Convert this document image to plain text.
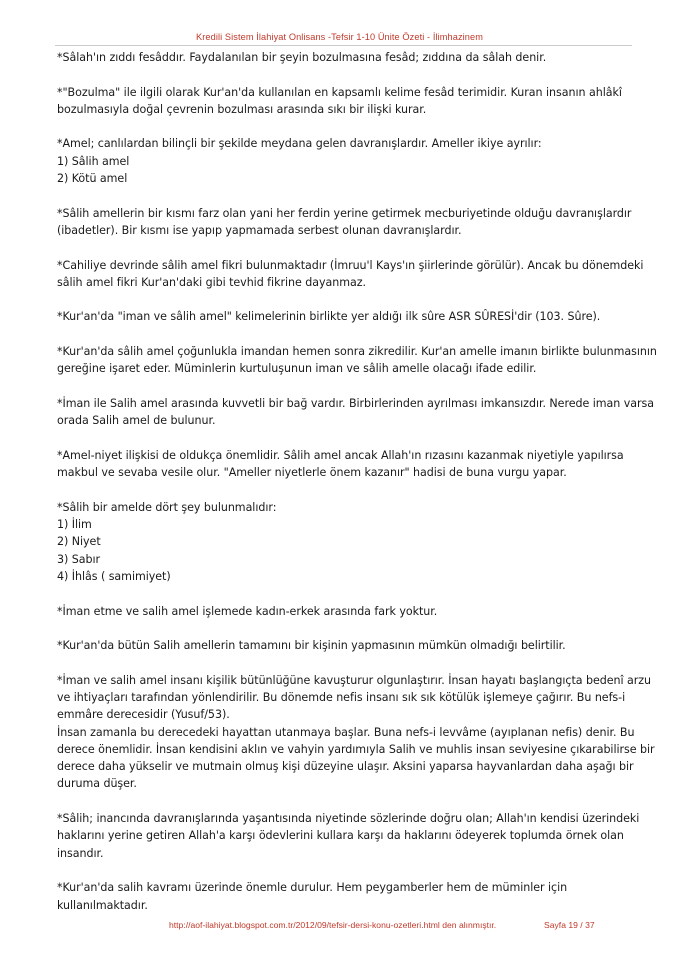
Kredili Sistem İlahiyat Onlisans -Tefsir 1-10 Ünite Özeti - İlimhazinem
*Sâlah'ın zıddı fesâddır. Faydalanılan bir şeyin bozulmasına fesâd; zıddına da sâlah denir.
*"Bozulma" ile ilgili olarak Kur'an'da kullanılan en kapsamlı kelime fesâd terimidir. Kuran insanın ahlâkî
bozulmasıyla doğal çevrenin bozulması arasında sıkı bir ilişki kurar.
*Amel; canlılardan bilinçli bir şekilde meydana gelen davranışlardır. Ameller ikiye ayrılır:
1) Sâlih amel
2) Kötü amel
*Sâlih amellerin bir kısmı farz olan yani her ferdin yerine getirmek mecburiyetinde olduğu davranışlardır
(ibadetler). Bir kısmı ise yapıp yapmamada serbest olunan davranışlardır.
*Cahiliye devrinde sâlih amel fikri bulunmaktadır (İmruu'l Kays'ın şiirlerinde görülür). Ancak bu dönemdeki
sâlih amel fikri Kur'an'daki gibi tevhid fikrine dayanmaz.
*Kur'an'da "iman ve sâlih amel" kelimelerinin birlikte yer aldığı ilk sûre ASR SÛRESİ'dir (103. Sûre).
*Kur'an'da sâlih amel çoğunlukla imandan hemen sonra zikredilir. Kur'an amelle imanın birlikte bulunmasının
gereğine işaret eder. Müminlerin kurtuluşunun iman ve sâlih amelle olacağı ifade edilir.
*İman ile Salih amel arasında kuvvetli bir bağ vardır. Birbirlerinden ayrılması imkansızdır. Nerede iman varsa
orada Salih amel de bulunur.
*Amel-niyet ilişkisi de oldukça önemlidir. Sâlih amel ancak Allah'ın rızasını kazanmak niyetiyle yapılırsa
makbul ve sevaba vesile olur. "Ameller niyetlerle önem kazanır" hadisi de buna vurgu yapar.
*Sâlih bir amelde dört şey bulunmalıdır:
1) İlim
2) Niyet
3) Sabır
4) İhlâs ( samimiyet)
*İman etme ve salih amel işlemede kadın-erkek arasında fark yoktur.
*Kur'an'da bütün Salih amellerin tamamını bir kişinin yapmasının mümkün olmadığı belirtilir.
*İman ve salih amel insanı kişilik bütünlüğüne kavuşturur olgunlaştırır. İnsan hayatı başlangıçta bedenî arzu
ve ihtiyaçları tarafından yönlendirilir. Bu dönemde nefis insanı sık sık kötülük işlemeye çağırır. Bu nefs-i
emmâre derecesidir (Yusuf/53).
İnsan zamanla bu derecedeki hayattan utanmaya başlar. Buna nefs-i levvâme (ayıplanan nefis) denir. Bu
derece önemlidir. İnsan kendisini aklın ve vahyin yardımıyla Salih ve muhlis insan seviyesine çıkarabilirse bir
derece daha yükselir ve mutmain olmuş kişi düzeyine ulaşır. Aksini yaparsa hayvanlardan daha aşağı bir
duruma düşer.
*Sâlih; inancında davranışlarında yaşantısında niyetinde sözlerinde doğru olan; Allah'ın kendisi üzerindeki
haklarını yerine getiren Allah'a karşı ödevlerini kullara karşı da haklarını ödeyerek toplumda örnek olan
insandır.
*Kur'an'da salih kavramı üzerinde önemle durulur. Hem peygamberler hem de müminler için
kullanılmaktadır.
http://aof-ilahiyat.blogspot.com.tr/2012/09/tefsir-dersi-konu-ozetleri.html den alınmıştır.	Sayfa 19 / 37
